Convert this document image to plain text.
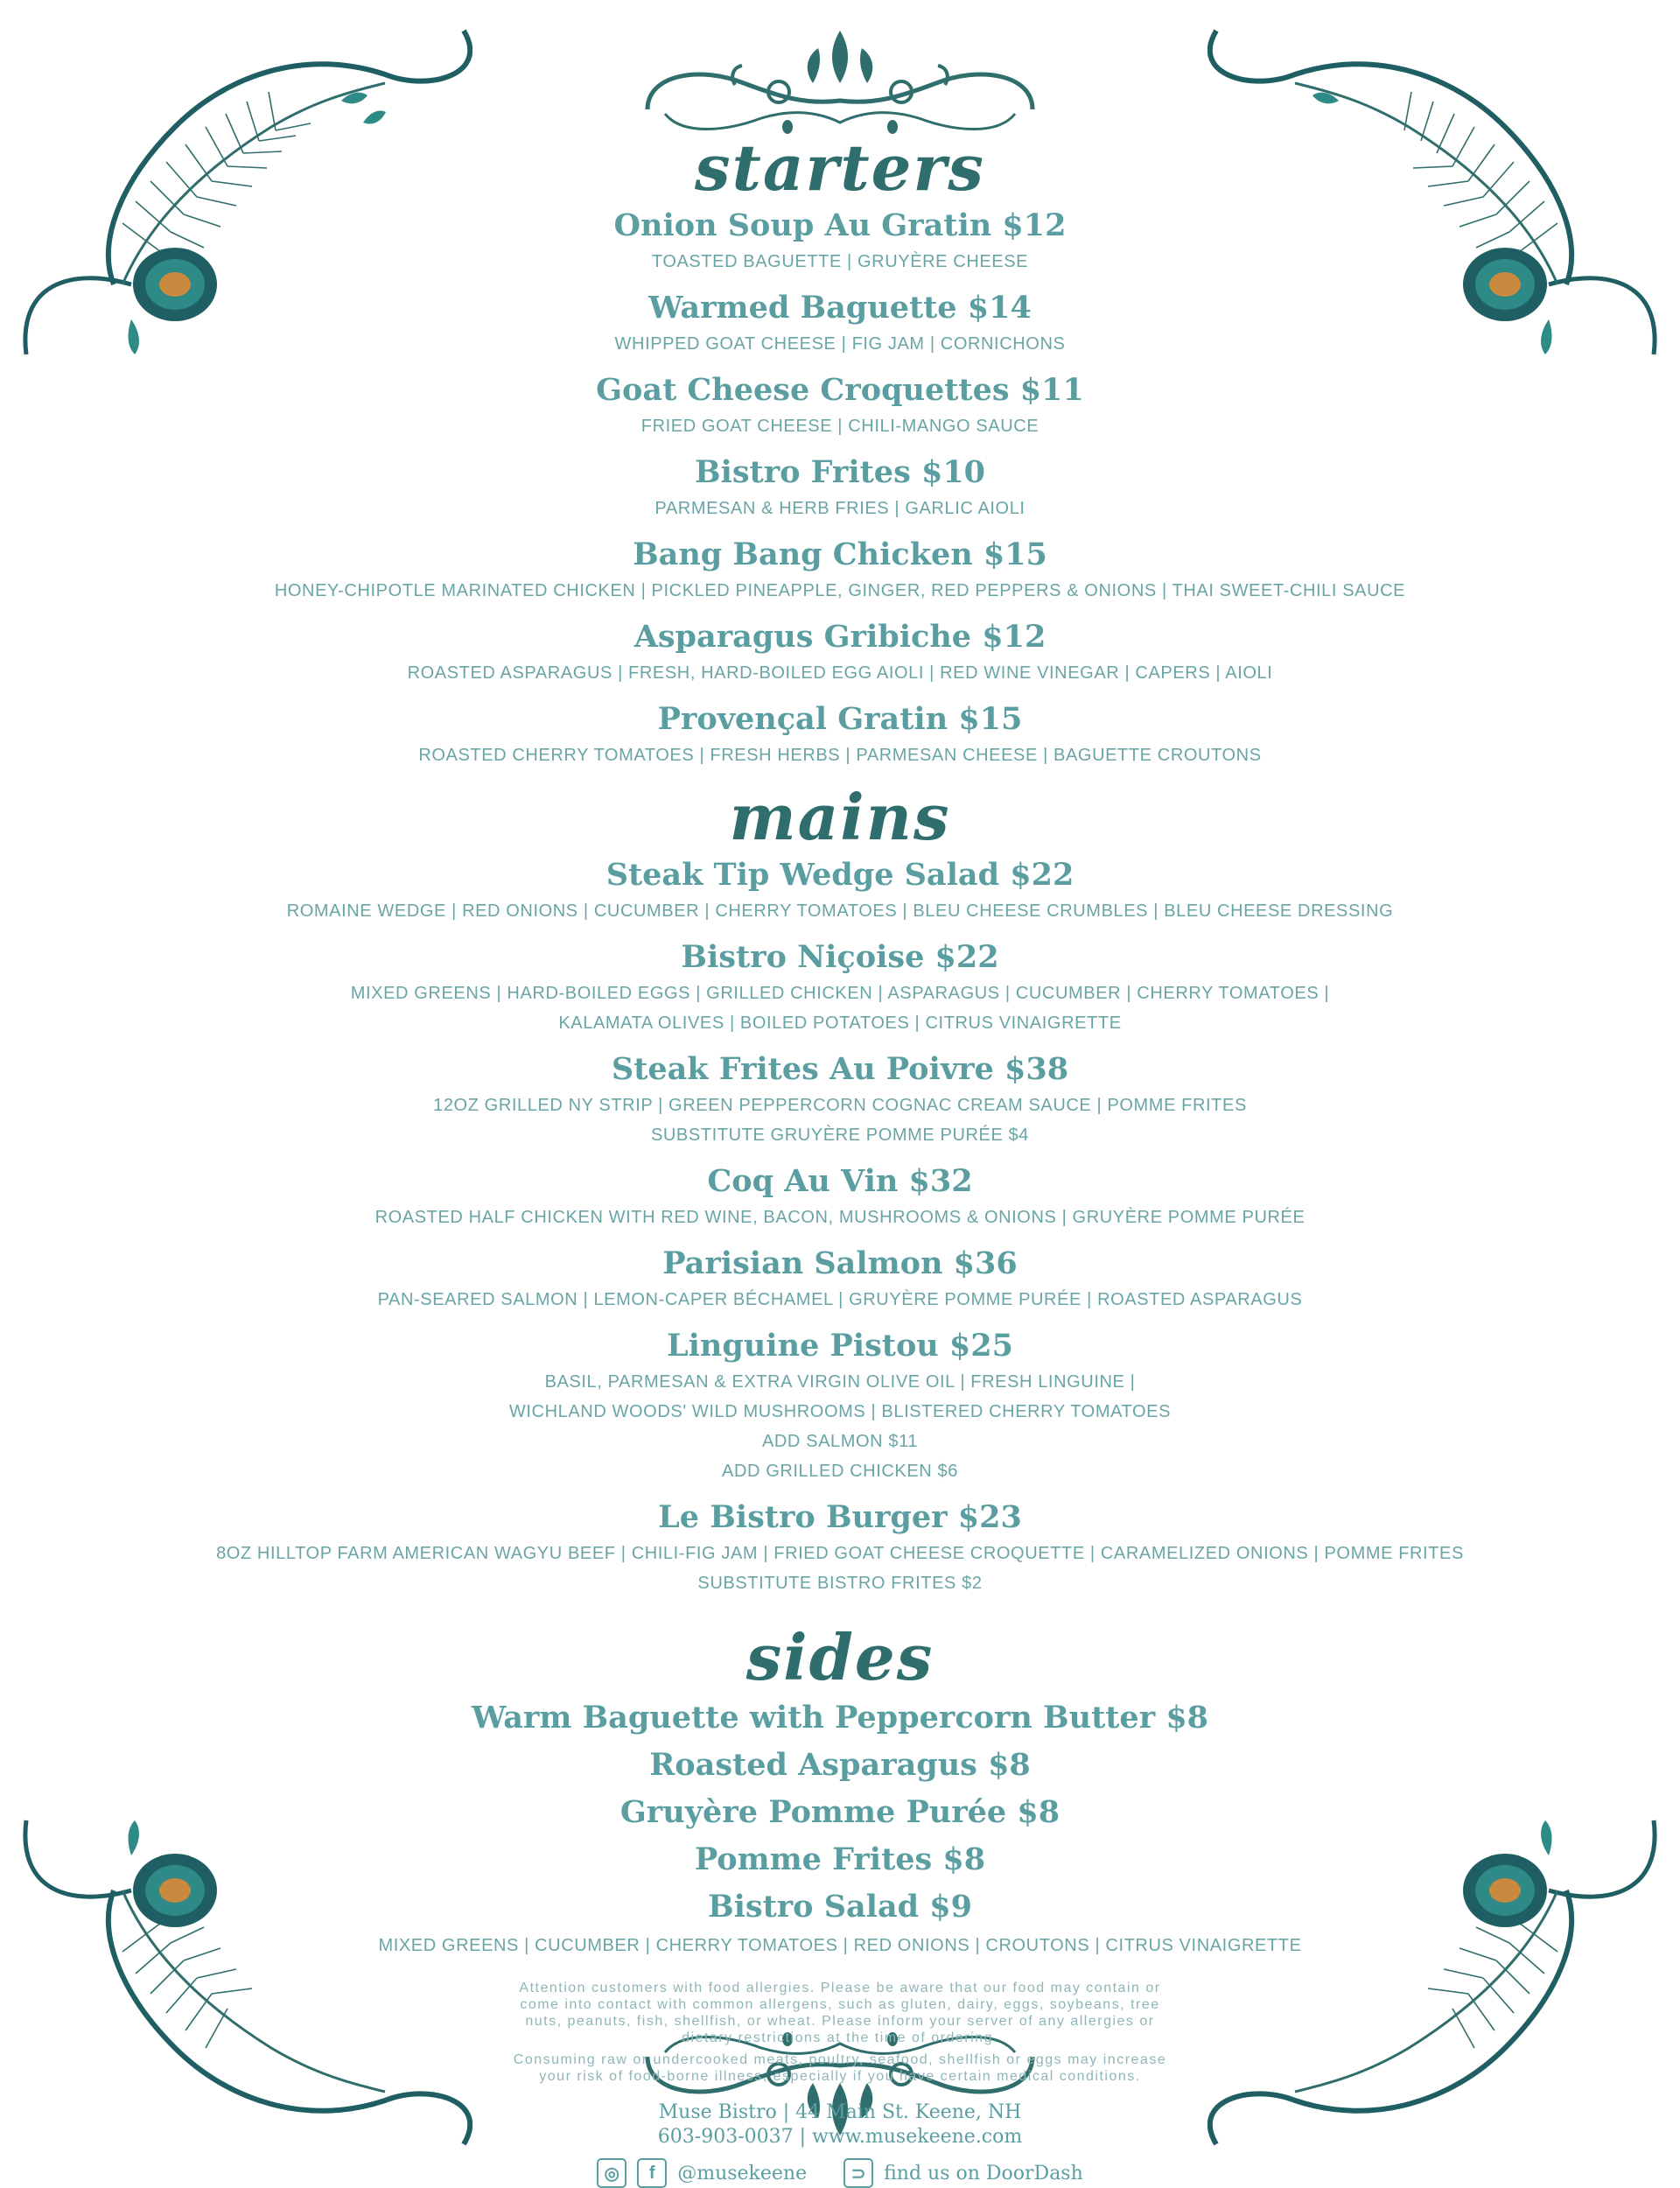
starters
Onion Soup Au Gratin $12
TOASTED BAGUETTE | GRUYÈRE CHEESE
Warmed Baguette $14
WHIPPED GOAT CHEESE | FIG JAM | CORNICHONS
Goat Cheese Croquettes $11
FRIED GOAT CHEESE | CHILI-MANGO SAUCE
Bistro Frites $10
PARMESAN & HERB FRIES | GARLIC AIOLI
Bang Bang Chicken $15
HONEY-CHIPOTLE MARINATED CHICKEN | PICKLED PINEAPPLE, GINGER, RED PEPPERS & ONIONS | THAI SWEET-CHILI SAUCE
Asparagus Gribiche $12
ROASTED ASPARAGUS | FRESH, HARD-BOILED EGG AIOLI | RED WINE VINEGAR | CAPERS | AIOLI
Provençal Gratin $15
ROASTED CHERRY TOMATOES | FRESH HERBS | PARMESAN CHEESE | BAGUETTE CROUTONS
mains
Steak Tip Wedge Salad $22
ROMAINE WEDGE | RED ONIONS | CUCUMBER | CHERRY TOMATOES | BLEU CHEESE CRUMBLES | BLEU CHEESE DRESSING
Bistro Niçoise $22
MIXED GREENS | HARD-BOILED EGGS | GRILLED CHICKEN | ASPARAGUS | CUCUMBER | CHERRY TOMATOES |
KALAMATA OLIVES | BOILED POTATOES | CITRUS VINAIGRETTE
Steak Frites Au Poivre $38
12OZ GRILLED NY STRIP | GREEN PEPPERCORN COGNAC CREAM SAUCE | POMME FRITES
SUBSTITUTE GRUYÈRE POMME PURÉE $4
Coq Au Vin $32
ROASTED HALF CHICKEN WITH RED WINE, BACON, MUSHROOMS & ONIONS | GRUYÈRE POMME PURÉE
Parisian Salmon $36
PAN-SEARED SALMON | LEMON-CAPER BÉCHAMEL | GRUYÈRE POMME PURÉE | ROASTED ASPARAGUS
Linguine Pistou $25
BASIL, PARMESAN & EXTRA VIRGIN OLIVE OIL | FRESH LINGUINE |
WICHLAND WOODS' WILD MUSHROOMS | BLISTERED CHERRY TOMATOES
ADD SALMON $11
ADD GRILLED CHICKEN $6
Le Bistro Burger $23
8OZ HILLTOP FARM AMERICAN WAGYU BEEF | CHILI-FIG JAM | FRIED GOAT CHEESE CROQUETTE | CARAMELIZED ONIONS | POMME FRITES
SUBSTITUTE BISTRO FRITES $2
sides
Warm Baguette with Peppercorn Butter $8
Roasted Asparagus $8
Gruyère Pomme Purée $8
Pomme Frites $8
Bistro Salad $9
MIXED GREENS | CUCUMBER | CHERRY TOMATOES | RED ONIONS | CROUTONS | CITRUS VINAIGRETTE

Attention customers with food allergies. Please be aware that our food may contain or come into contact with common allergens, such as gluten, dairy, eggs, soybeans, tree nuts, peanuts, fish, shellfish, or wheat. Please inform your server of any allergies or dietary restrictions at the time of ordering.

Consuming raw or undercooked meats, poultry, seafood, shellfish or eggs may increase your risk of food-borne illness, especially if you have certain medical conditions.

Muse Bistro | 44 Main St. Keene, NH
603-903-0037 | www.musekeene.com
◎	f	@musekeene	⊃ find us on DoorDash
